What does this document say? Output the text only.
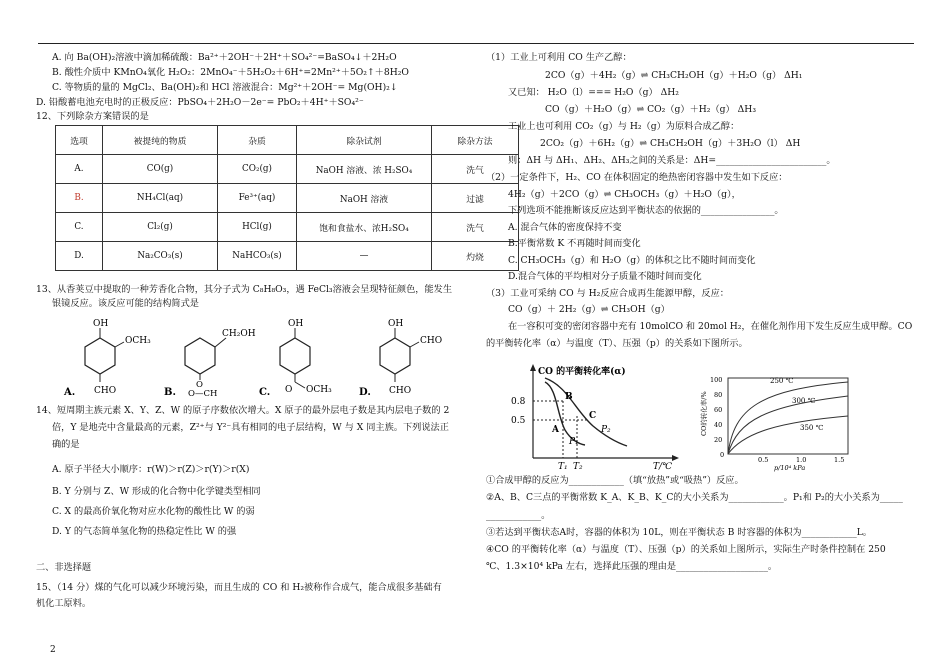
A. 向 Ba(OH)₂溶液中滴加稀硫酸：Ba²⁺＋2OH⁻＋2H⁺＋SO₄²⁻=BaSO₄↓＋2H₂O
B. 酸性介质中 KMnO₄氧化 H₂O₂：2MnO₄⁻＋5H₂O₂＋6H⁺=2Mn²⁺＋5O₂↑＋8H₂O
C. 等物质的量的 MgCl₂、Ba(OH)₂和 HCl 溶液混合：Mg²⁺＋2OH⁻= Mg(OH)₂↓
D. 铅酸蓄电池充电时的正极反应：PbSO₄＋2H₂O－2e⁻= PbO₂＋4H⁺＋SO₄²⁻
12、下列除杂方案错误的是
选项	被提纯的物质	杂质	除杂试剂	除杂方法
A.	CO(g)	CO₂(g)	NaOH 溶液、浓 H₂SO₄	洗气
B.	NH₄Cl(aq)	Fe³⁺(aq)	NaOH 溶液	过滤
C.	Cl₂(g)	HCl(g)	饱和食盐水、浓H₂SO₄	洗气
D.	Na₂CO₃(s)	NaHCO₃(s)	—	灼烧
13、从香荚豆中提取的一种芳香化合物，其分子式为 C₈H₈O₃，遇 FeCl₃溶液会呈现特征颜色，能发生
银镜反应。该反应可能的结构简式是
OH
OCH₃
CHO
A.
CH₂OH
O
O—CH
B.
OH
O OCH₃
C.
OH
CHO
CHO
D.
14、短周期主族元素 X、Y、Z、W 的原子序数依次增大。X 原子的最外层电子数是其内层电子数的 2
倍，Y 是地壳中含量最高的元素，Z²⁺与 Y²⁻具有相同的电子层结构，W 与 X 同主族。下列说法正
确的是
A. 原子半径大小顺序：r(W)＞r(Z)＞r(Y)＞r(X)
B. Y 分别与 Z、W 形成的化合物中化学键类型相同
C. X 的最高价氧化物对应水化物的酸性比 W 的弱
D. Y 的气态简单氢化物的热稳定性比 W 的强
二、非选择题
15、（14 分）煤的气化可以减少环境污染，而且生成的 CO 和 H₂被称作合成气，能合成很多基础有
机化工原料。
2
（1）工业上可利用 CO 生产乙醇：
2CO（g）＋4H₂（g）⇌ CH₃CH₂OH（g）＋H₂O（g） ΔH₁
又已知： H₂O（l）=== H₂O（g） ΔH₂
CO（g）＋H₂O（g）⇌ CO₂（g）＋H₂（g） ΔH₃
工业上也可利用 CO₂（g）与 H₂（g）为原料合成乙醇：
2CO₂（g）＋6H₂（g）⇌ CH₃CH₂OH（g）＋3H₂O（l） ΔH
则：ΔH 与 ΔH₁、ΔH₂、ΔH₃之间的关系是：ΔH=________________________。
（2）一定条件下，H₂、CO 在体积固定的绝热密闭容器中发生如下反应：
4H₂（g）＋2CO（g）⇌ CH₃OCH₃（g）＋H₂O（g），
下列选项不能推断该反应达到平衡状态的依据的________________。
A. 混合气体的密度保持不变
B.平衡常数 K 不再随时间而变化
C. CH₃OCH₃（g）和 H₂O（g）的体积之比不随时间而变化
D.混合气体的平均相对分子质量不随时间而变化
（3）工业可采纳 CO 与 H₂反应合成再生能源甲醇，反应：
CO（g）＋ 2H₂（g）⇌ CH₃OH（g）
在一容积可变的密闭容器中充有 10molCO 和 20mol H₂，在催化剂作用下发生反应生成甲醇。CO
的平衡转化率（α）与温度（T）、压强（p）的关系如下图所示。
CO 的平衡转化率(α)
0.8
0.5
B
A
C
P₁
P₂
T₁ T₂	T/℃
100
80
60
40
20
0
CO的转化率/%
250 ℃
300 ℃
350 ℃
0.5	1.0	1.5
p/10⁴ kPa
①合成甲醇的反应为____________（填“放热”或“吸热”）反应。
②A、B、C三点的平衡常数 K_A、K_B、K_C的大小关系为____________。P₁和 P₂的大小关系为_____
____________。
③若达到平衡状态A时，容器的体积为 10L，则在平衡状态 B 时容器的体积为____________L。
④CO 的平衡转化率（α）与温度（T）、压强（p）的关系如上图所示，实际生产时条件控制在 250
℃、1.3×10⁴ kPa 左右，选择此压强的理由是____________________。
